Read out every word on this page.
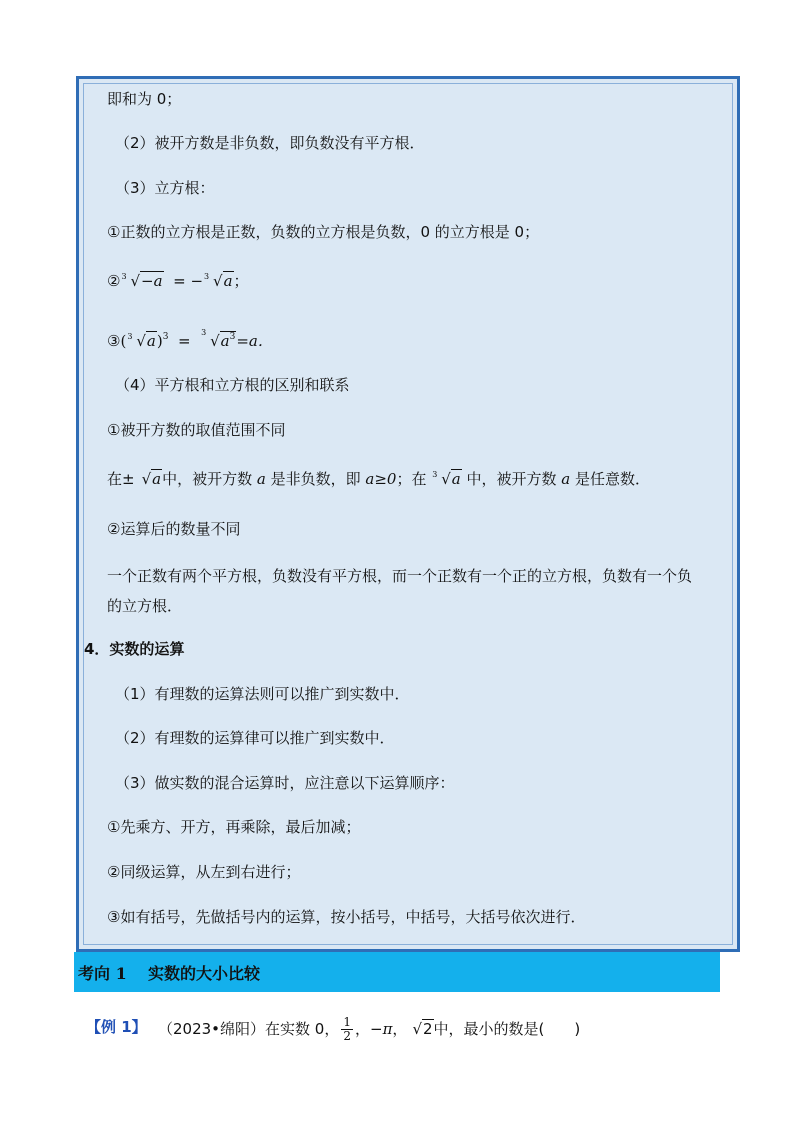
即和为 0；
（2）被开方数是非负数，即负数没有平方根．
（3）立方根：
①正数的立方根是正数，负数的立方根是负数，0 的立方根是 0；
② 3 √−a = − 3 √a；
③( 3 √a)$^3$ = 3 $√a^3=a$．
（4）平方根和立方根的区别和联系
①被开方数的取值范围不同
在± √a中，被开方数 a 是非负数，即 a≥0；在 3 √a 中，被开方数 a 是任意数．
②运算后的数量不同
一个正数有两个平方根，负数没有平方根，而一个正数有一个正的立方根，负数有一个负
的立方根．
4．实数的运算
（1）有理数的运算法则可以推广到实数中．
（2）有理数的运算律可以推广到实数中．
（3）做实数的混合运算时，应注意以下运算顺序：
①先乘方、开方，再乘除，最后加减；
②同级运算，从左到右进行；
③如有括号，先做括号内的运算，按小括号，中括号，大括号依次进行．
考向 1 实数的大小比较
【例 1】 （2023•绵阳）在实数 0， $\frac{1}{2}$ ，−π， √2中，最小的数是(　　)
